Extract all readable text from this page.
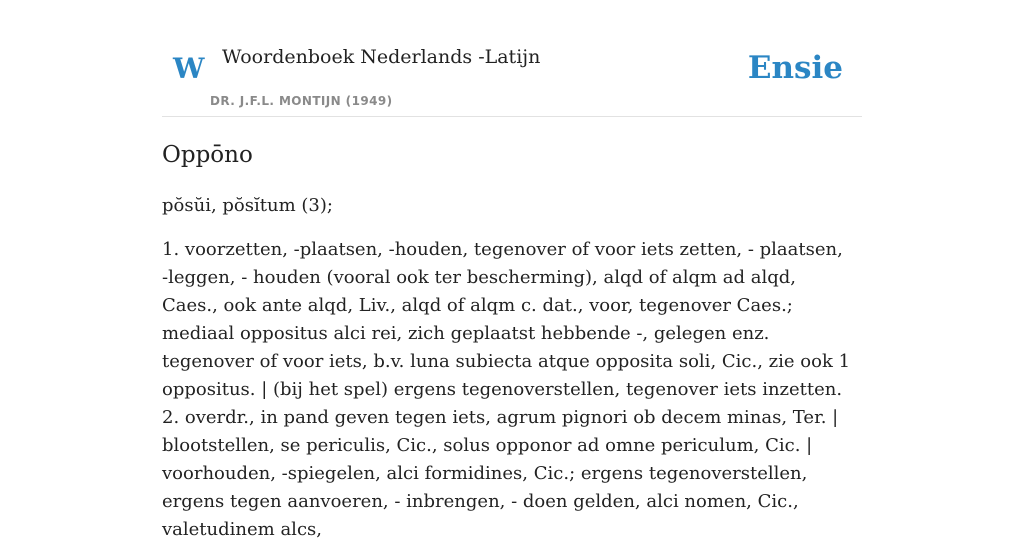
W Woordenboek Nederlands -Latijn
DR. J.F.L. MONTIJN (1949)
Ensie
Oppōno
pŏsŭi, pŏsĭtum (3);

1. voorzetten, -plaatsen, -houden, tegenover of voor iets zetten, - plaatsen, -leggen, - houden (vooral ook ter bescherming), alqd of alqm ad alqd, Caes., ook ante alqd, Liv., alqd of alqm c. dat., voor, tegenover Caes.; mediaal oppositus alci rei, zich geplaatst hebbende -, gelegen enz. tegenover of voor iets, b.v. luna subiecta atque opposita soli, Cic., zie ook 1 oppositus. | (bij het spel) ergens tegenoverstellen, tegenover iets inzetten.

2. overdr., in pand geven tegen iets, agrum pignori ob decem minas, Ter. | blootstellen, se periculis, Cic., solus opponor ad omne periculum, Cic. | voorhouden, -spiegelen, alci formidines, Cic.; ergens tegenoverstellen, ergens tegen aanvoeren, - inbrengen, - doen gelden, alci nomen, Cic., valetudinem alcs,
